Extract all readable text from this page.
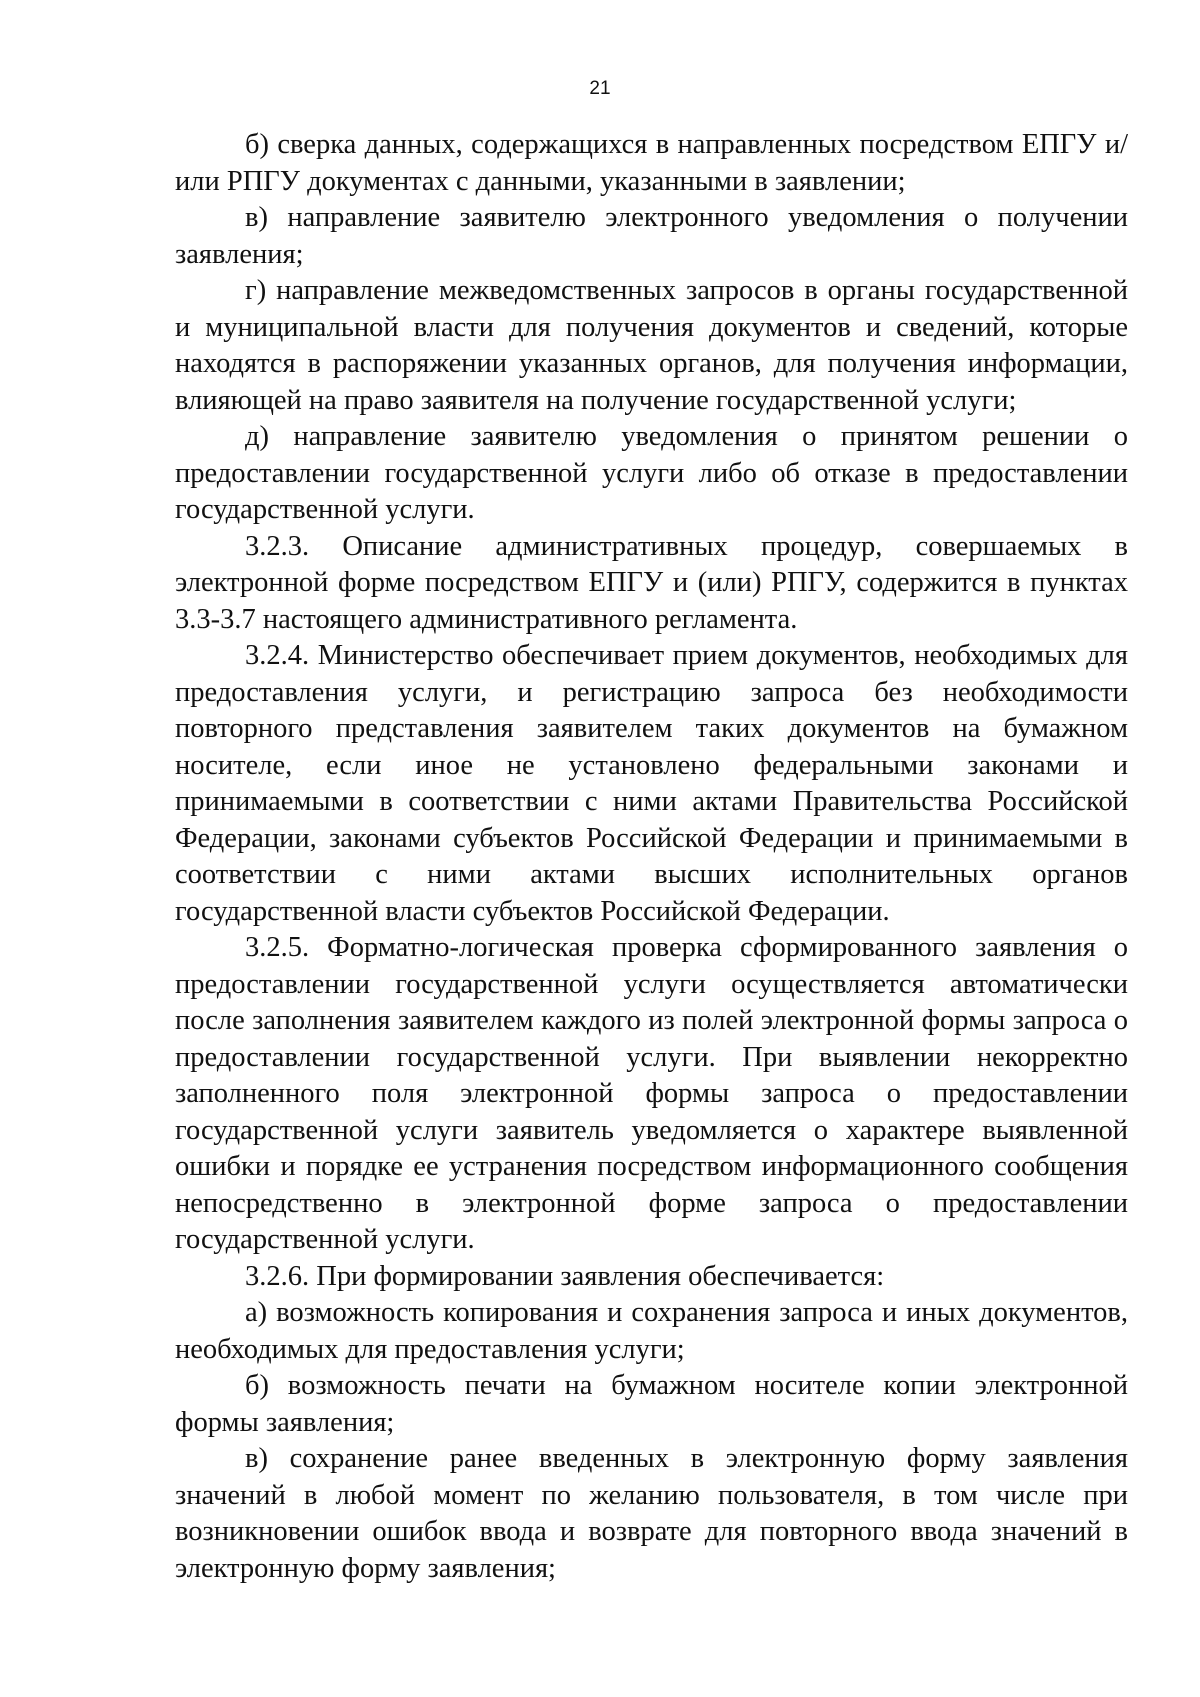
21

б) сверка данных, содержащихся в направленных посредством ЕПГУ и/или РПГУ документах с данными, указанными в заявлении;

в) направление заявителю электронного уведомления о получении заявления;

г) направление межведомственных запросов в органы государственной и муниципальной власти для получения документов и сведений, которые находятся в распоряжении указанных органов, для получения информации, влияющей на право заявителя на получение государственной услуги;

д) направление заявителю уведомления о принятом решении о предоставлении государственной услуги либо об отказе в предоставлении государственной услуги.

3.2.3. Описание административных процедур, совершаемых в электронной форме посредством ЕПГУ и (или) РПГУ, содержится в пунктах 3.3-3.7 настоящего административного регламента.

3.2.4. Министерство обеспечивает прием документов, необходимых для предоставления услуги, и регистрацию запроса без необходимости повторного представления заявителем таких документов на бумажном носителе, если иное не установлено федеральными законами и принимаемыми в соответствии с ними актами Правительства Российской Федерации, законами субъектов Российской Федерации и принимаемыми в соответствии с ними актами высших исполнительных органов государственной власти субъектов Российской Федерации.

3.2.5. Форматно-логическая проверка сформированного заявления о предоставлении государственной услуги осуществляется автоматически после заполнения заявителем каждого из полей электронной формы запроса о предоставлении государственной услуги. При выявлении некорректно заполненного поля электронной формы запроса о предоставлении государственной услуги заявитель уведомляется о характере выявленной ошибки и порядке ее устранения посредством информационного сообщения непосредственно в электронной форме запроса о предоставлении государственной услуги.

3.2.6. При формировании заявления обеспечивается:

а) возможность копирования и сохранения запроса и иных документов, необходимых для предоставления услуги;

б) возможность печати на бумажном носителе копии электронной формы заявления;

в) сохранение ранее введенных в электронную форму заявления значений в любой момент по желанию пользователя, в том числе при возникновении ошибок ввода и возврате для повторного ввода значений в электронную форму заявления;
